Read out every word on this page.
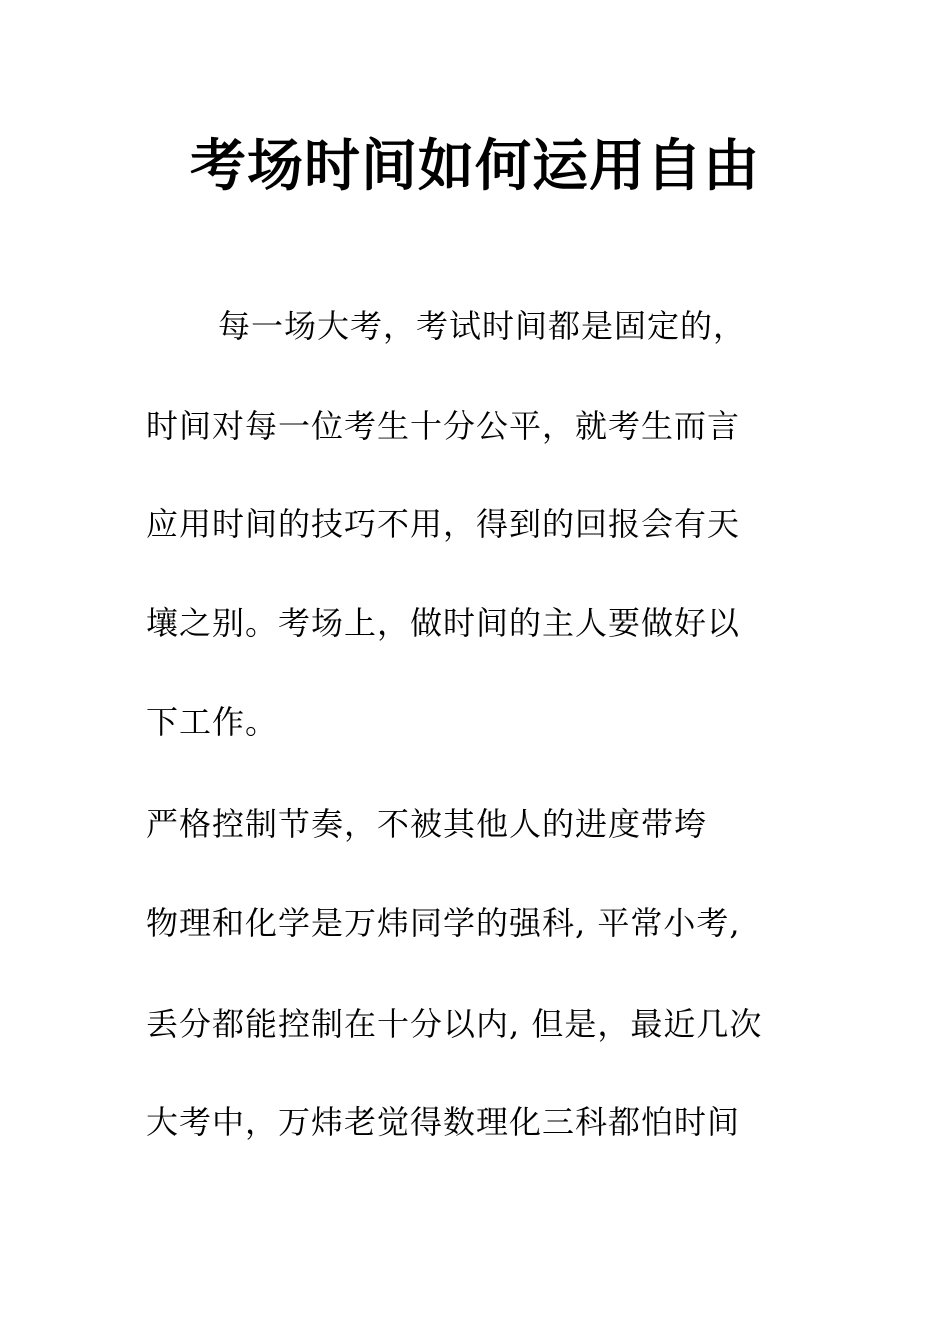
考场时间如何运用自由

每一场大考，考试时间都是固定的，

时间对每一位考生十分公平，就考生而言

应用时间的技巧不用，得到的回报会有天

壤之别。考场上，做时间的主人要做好以

下工作。

严格控制节奏，不被其他人的进度带垮

物理和化学是万炜同学的强科, 平常小考,

丢分都能控制在十分以内, 但是，最近几次

大考中，万炜老觉得数理化三科都怕时间
